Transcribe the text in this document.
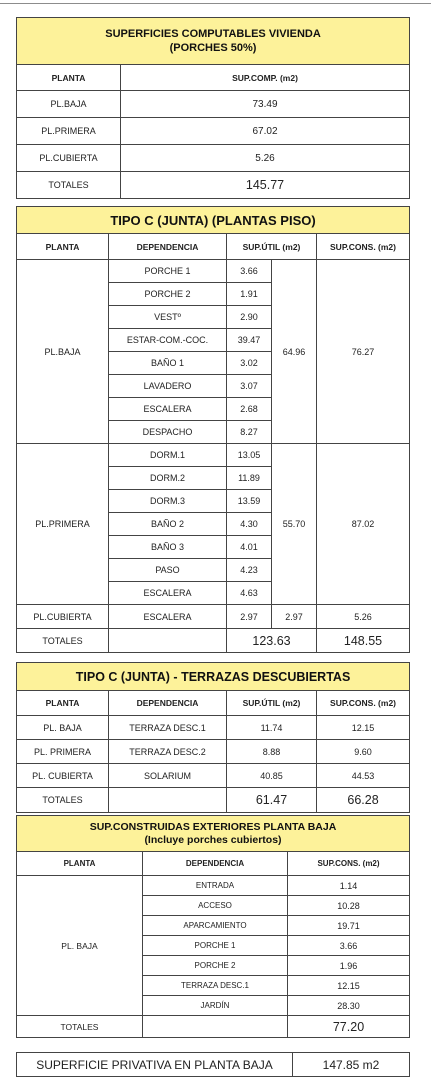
SUPERFICIES COMPUTABLES VIVIENDA
(PORCHES 50%)	

PLANTA	SUP.COMP. (m2)
PL.BAJA	73.49
PL.PRIMERA	67.02
PL.CUBIERTA	5.26
TOTALES	145.77
TIPO C (JUNTA) (PLANTAS PISO)				
PLANTA	DEPENDENCIA	SUP.ÚTIL (m2)		SUP.CONS. (m2)
PL.BAJA	PORCHE 1	3.66	64.96	76.27
	PORCHE 2	1.91		
	VESTº	2.90		
	ESTAR-COM.-COC.	39.47		
	BAÑO 1	3.02		
	LAVADERO	3.07		
	ESCALERA	2.68		
	DESPACHO	8.27		
PL.PRIMERA	DORM.1	13.05	55.70	87.02
	DORM.2	11.89		
	DORM.3	13.59		
	BAÑO 2	4.30		
	BAÑO 3	4.01		
	PASO	4.23		
	ESCALERA	4.63		
PL.CUBIERTA	ESCALERA	2.97	2.97	5.26
TOTALES		123.63		148.55
TIPO C (JUNTA) - TERRAZAS DESCUBIERTAS			
PLANTA	DEPENDENCIA	SUP.ÚTIL (m2)	SUP.CONS. (m2)
PL. BAJA	TERRAZA DESC.1	11.74	12.15
PL. PRIMERA	TERRAZA DESC.2	8.88	9.60
PL. CUBIERTA	SOLARIUM	40.85	44.53
TOTALES		61.47	66.28
SUP.CONSTRUIDAS EXTERIORES PLANTA BAJA
(Incluye porches cubiertos)		

PLANTA	DEPENDENCIA	SUP.CONS. (m2)
PL. BAJA	ENTRADA	1.14
	ACCESO	10.28
	APARCAMIENTO	19.71
	PORCHE 1	3.66
	PORCHE 2	1.96
	TERRAZA DESC.1	12.15
	JARDÍN	28.30
TOTALES		77.20
SUPERFICIE PRIVATIVA EN PLANTA BAJA	147.85 m2
